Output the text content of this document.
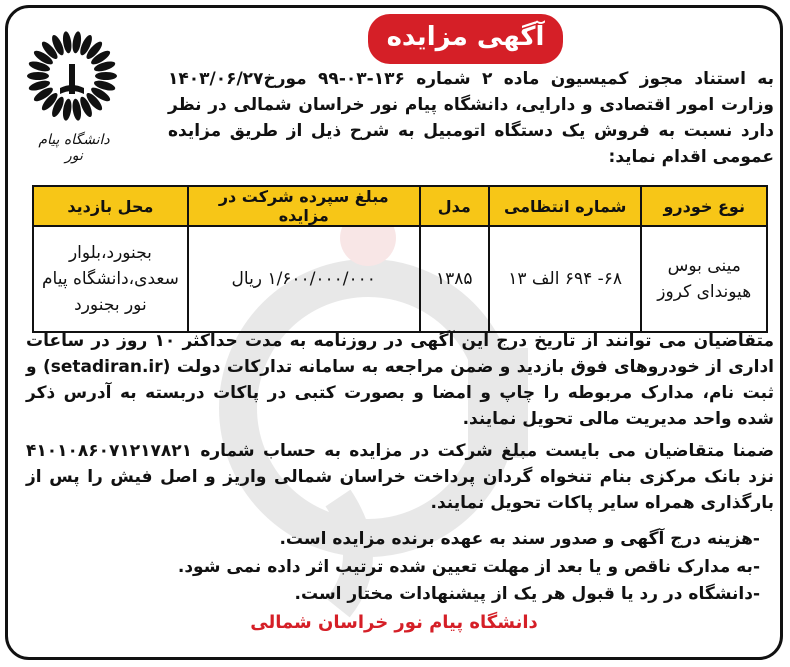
آگهی مزایده
دانشگاه پیام نور
به استناد مجوز کمیسیون ماده ۲ شماره ۱۳۶-۰۳-۹۹ مورخ۱۴۰۳/۰۶/۲۷ وزارت امور اقتصادی و دارایی، دانشگاه پیام نور خراسان شمالی در نظر دارد نسبت به فروش یک دستگاه اتومبیل به شرح ذیل از طریق مزایده عمومی اقدام نماید:
نوع خودرو	شماره انتظامی	مدل	مبلغ سپرده شرکت در مزایده	محل بازدید
مینی بوس هیوندای کروز	۶۸- ۶۹۴ الف ۱۳	۱۳۸۵	۱/۶۰۰/۰۰۰/۰۰۰ ریال	بجنورد،بلوار سعدی،دانشگاه پیام نور بجنورد
متقاضیان می توانند از تاریخ درج این آگهی در روزنامه به مدت حداکثر ۱۰ روز در ساعات اداری از خودروهای فوق بازدید و ضمن مراجعه به سامانه تدارکات دولت (setadiran.ir) و ثبت نام، مدارک مربوطه را چاپ و امضا و بصورت کتبی در پاکات دربسته به آدرس ذکر شده واحد مدیریت مالی تحویل نمایند.
ضمنا متقاضیان می بایست مبلغ شرکت در مزایده به حساب شماره ۴۱۰۱۰۸۶۰۷۱۲۱۷۸۲۱ نزد بانک مرکزی بنام تنخواه گردان پرداخت خراسان شمالی واریز و اصل فیش را پس از بارگذاری همراه سایر پاکات تحویل نمایند.
-هزینه درج آگهی و صدور سند به عهده برنده مزایده است.
-به مدارک ناقص و یا بعد از مهلت تعیین شده ترتیب اثر داده نمی شود.
-دانشگاه در رد یا قبول هر یک از پیشنهادات مختار است.
دانشگاه پیام نور خراسان شمالی
